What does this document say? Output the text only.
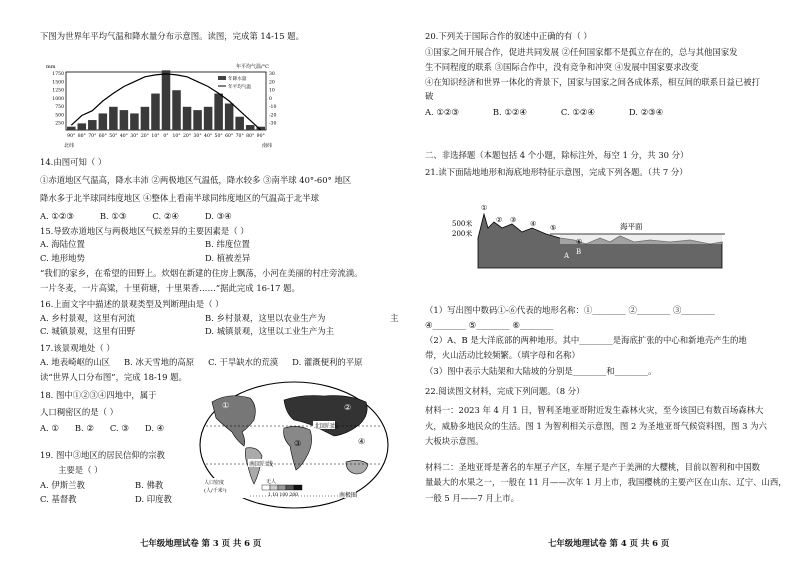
下图为世界年平均气温和降水量分布示意图。读图，完成第 14-15 题。
mm	年平均气温/°C
1750
1500
1250
1000
750
500
250
30
20
10
0
-10
-20
-30
年降水量
年平均气温
90° 80° 70° 60° 50° 40° 30° 20° 10° 0° 10° 20° 30° 40° 50° 60° 70° 80° 90°
北纬	南纬
14.由图可知（ ）
①赤道地区气温高，降水丰沛 ②两极地区气温低，降水较多 ③南半球 40°-60° 地区
降水多于北半球同纬度地区 ④整体上看南半球同纬度地区的气温高于北半球
A. ①②③	B. ①③	C. ②④	D. ③④
15.导致赤道地区与两极地区气候差异的主要因素是（ ）
A. 海陆位置	B. 纬度位置
C. 地形地势	D. 植被差异
“我们的家乡，在希望的田野上。炊烟在新建的住房上飘荡，小河在美丽的村庄旁流淌。
一片冬麦，一片高粱，十里荷塘，十里果香……”据此完成 16-17 题。
16.上面文字中描述的景观类型及判断理由是（ ）
A. 乡村景观，这里有河流	B. 乡村景观，这里以农业生产为
C. 城镇景观，这里有田野	D. 城镇景观，这里以工业生产为主
主
17.该景观地处（ ）
A. 地表崎岖的山区 B. 冰天雪地的高原 C. 干旱缺水的荒漠 D. 灌溉便利的平原
读“世界人口分布图”，完成 18-19 题。
18. 图中①②③④四地中，属于
人口稠密区的是（ ）
A. ① B. ② C. ③ D. ④
19. 图中③地区的居民信仰的宗教
主要是（ ）
A. 伊斯兰教	B. 佛教
C. 基督教	D. 印度教
北回归线
南回归线
南极圈
①	②
③	④
人口密度
(人/千米²)
无人
1 10 100 200
七年级地理试卷 第 3 页 共 6 页
20.下列关于国际合作的叙述中正确的有（ ）
①国家之间开展合作，促进共同发展 ②任何国家都不是孤立存在的，总与其他国家发
生不同程度的联系 ③国际合作中，没有竞争和冲突 ④发展中国家要求改变
④在知识经济和世界一体化的背景下，国家与国家之间各成体系，相互间的联系日益已被打
破
A. ①②③	B. ①②④	C. ①②④	D. ②③④
二、非选择题（本题包括 4 个小题，除标注外，每空 1 分，共 30 分）
21.读下面陆地地形和海底地形特征示意图，完成下列各题。（共 7 分）
500米
200米
海平面
①
② ③ ④ ⑤
⑥
A B
（1）写出图中数码①-⑥代表的地形名称：①________ ②________ ③________
④________ ⑤________ ⑥________
（2）A、B 是大洋底部的两种地形。其中________是海底扩张的中心和新地壳产生的地
带，火山活动比较频繁。（填字母和名称）
（3）图中表示大陆架和大陆坡的分别是________和________。
22.阅读图文材料，完成下列问题。（8 分）
材料一：2023 年 4 月 1 日，智利圣地亚哥附近发生森林火灾，至今该国已有数百场森林大
火，威胁多地民众的生活。图 1 为智利相关示意图，图 2 为圣地亚哥气候资料图，图 3 为六
大板块示意图。
材料二：圣地亚哥是著名的车厘子产区，车厘子是产于美洲的大樱桃，目前以智利和中国数
量最大的水果之一，一般在 11 月——次年 1 月上市，我国樱桃的主要产区在山东、辽宁、山西，
一般 5 月——7 月上市。
七年级地理试卷 第 4 页 共 6 页
